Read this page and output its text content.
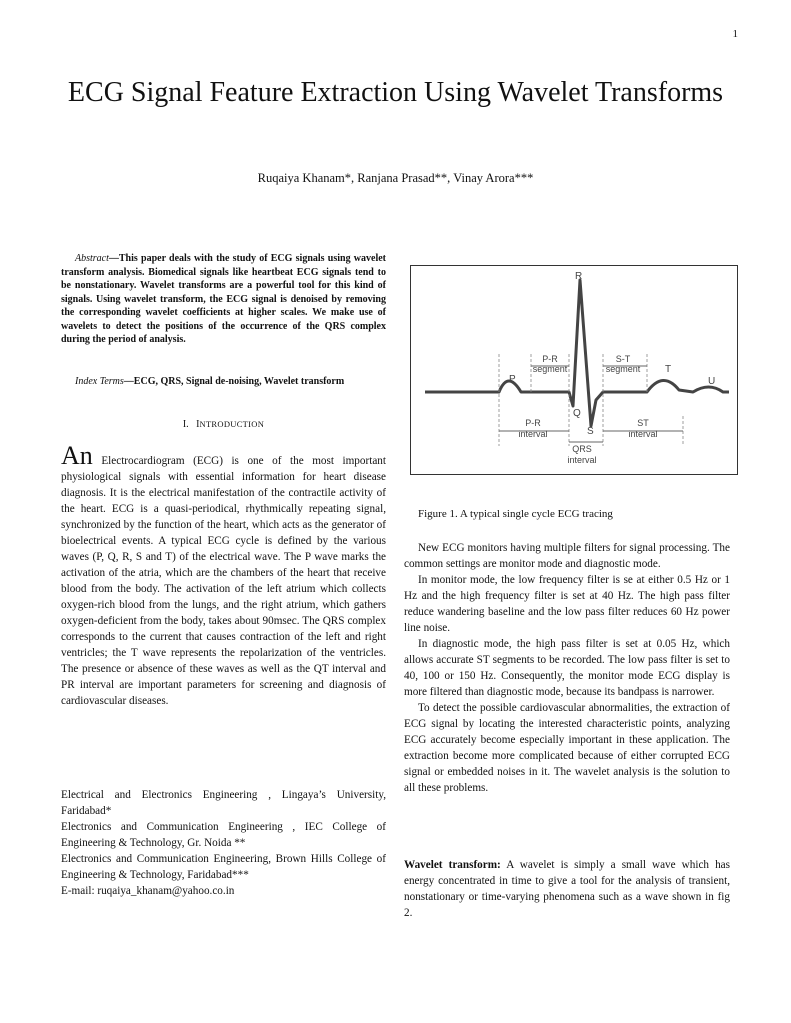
1
ECG Signal Feature Extraction Using Wavelet Transforms
Ruqaiya Khanam*, Ranjana Prasad**, Vinay Arora***
Abstract—This paper deals with the study of ECG signals using wavelet transform analysis. Biomedical signals like heartbeat ECG signals tend to be nonstationary. Wavelet transforms are a powerful tool for this kind of signals. Using wavelet transform, the ECG signal is denoised by removing the corresponding wavelet coefficients at higher scales. We make use of wavelets to detect the positions of the occurrence of the QRS complex during the period of analysis.
Index Terms—ECG, QRS, Signal de-noising, Wavelet transform
I. INTRODUCTION
An Electrocardiogram (ECG) is one of the most important physiological signals with essential information for heart disease diagnosis. It is the electrical manifestation of the contractile activity of the heart. ECG is a quasi-periodical, rhythmically repeating signal, synchronized by the function of the heart, which acts as the generator of bioelectrical events. A typical ECG cycle is defined by the various waves (P, Q, R, S and T) of the electrical wave. The P wave marks the activation of the atria, which are the chambers of the heart that receive blood from the body. The activation of the left atrium which collects oxygen-rich blood from the lungs, and the right atrium, which gathers oxygen-deficient from the body, takes about 90msec. The QRS complex corresponds to the current that causes contraction of the left and right ventricles; the T wave represents the repolarization of the ventricles. The presence or absence of these waves as well as the QT interval and PR interval are important parameters for screening and diagnosis of cardiovascular diseases.
Electrical and Electronics Engineering , Lingaya’s University, Faridabad*
Electronics and Communication Engineering , IEC College of Engineering & Technology, Gr. Noida **
Electronics and Communication Engineering, Brown Hills College of Engineering & Technology, Faridabad***
E-mail: ruqaiya_khanam@yahoo.co.in
R
P
Q
S
T
U
P-R
segment
S-T
segment
P-R
interval
ST
interval
QRS
interval
Figure 1. A typical single cycle ECG tracing

New ECG monitors having multiple filters for signal processing. The common settings are monitor mode and diagnostic mode.

In monitor mode, the low frequency filter is se at either 0.5 Hz or 1 Hz and the high frequency filter is set at 40 Hz. The high pass filter reduce wandering baseline and the low pass filter reduces 60 Hz power line noise.

In diagnostic mode, the high pass filter is set at 0.05 Hz, which allows accurate ST segments to be recorded. The low pass filter is set to 40, 100 or 150 Hz. Consequently, the monitor mode ECG display is more filtered than diagnostic mode, because its bandpass is narrower.

To detect the possible cardiovascular abnormalities, the extraction of ECG signal by locating the interested characteristic points, analyzing ECG accurately become especially important in these application. The extraction become more complicated because of either corrupted ECG signal or embedded noises in it. The wavelet analysis is the solution to all these problems.

Wavelet transform: A wavelet is simply a small wave which has energy concentrated in time to give a tool for the analysis of transient, nonstationary or time-varying phenomena such as a wave shown in fig 2.
